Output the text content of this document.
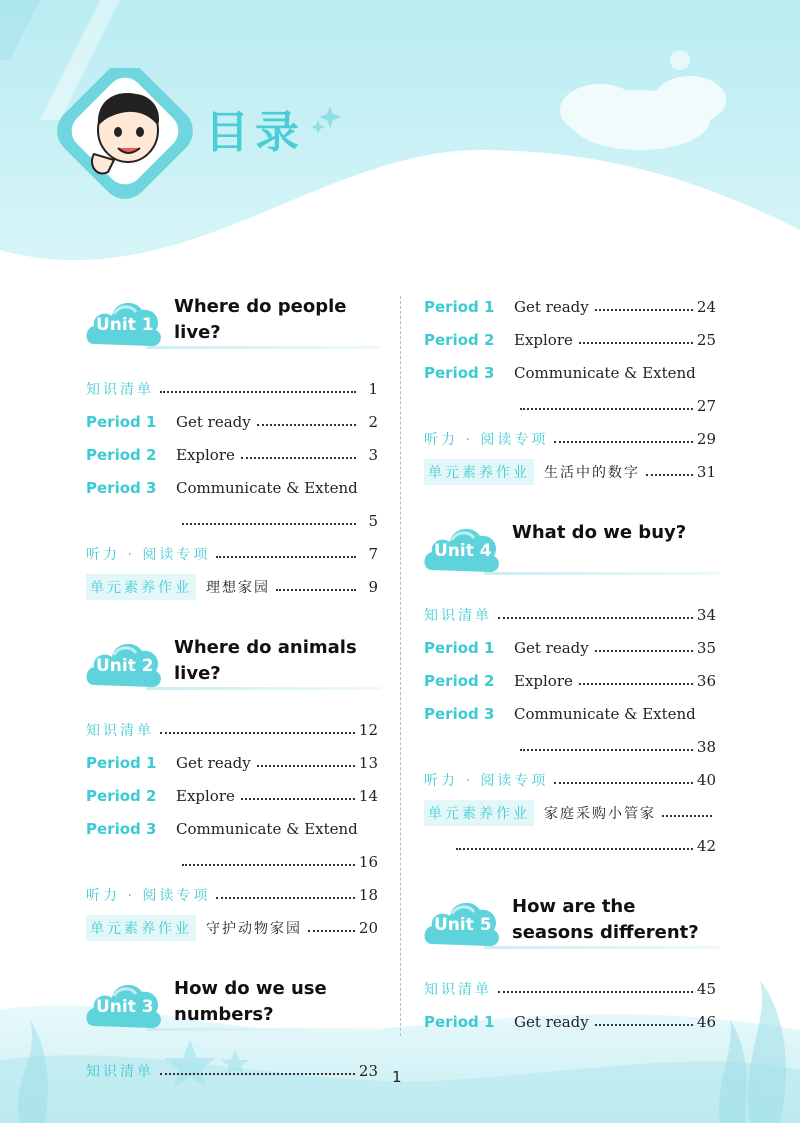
目录
Unit 1
Where do people live?
知识清单	1
Period 1	Get ready	2
Period 2	Explore	3
Period 3	Communicate & Extend
5
听力 · 阅读专项	7
单元素养作业 理想家园	9
Unit 2
Where do animals live?
知识清单	12
Period 1	Get ready	13
Period 2	Explore	14
Period 3	Communicate & Extend
16
听力 · 阅读专项	18
单元素养作业 守护动物家园	20
Unit 3
How do we use numbers?
知识清单	23
Period 1	Get ready	24
Period 2	Explore	25
Period 3	Communicate & Extend
27
听力 · 阅读专项	29
单元素养作业 生活中的数字	31
Unit 4
What do we buy?
知识清单	34
Period 1	Get ready	35
Period 2	Explore	36
Period 3	Communicate & Extend
38
听力 · 阅读专项	40
单元素养作业 家庭采购小管家
42
Unit 5
How are the seasons different?
知识清单	45
Period 1	Get ready	46
1
